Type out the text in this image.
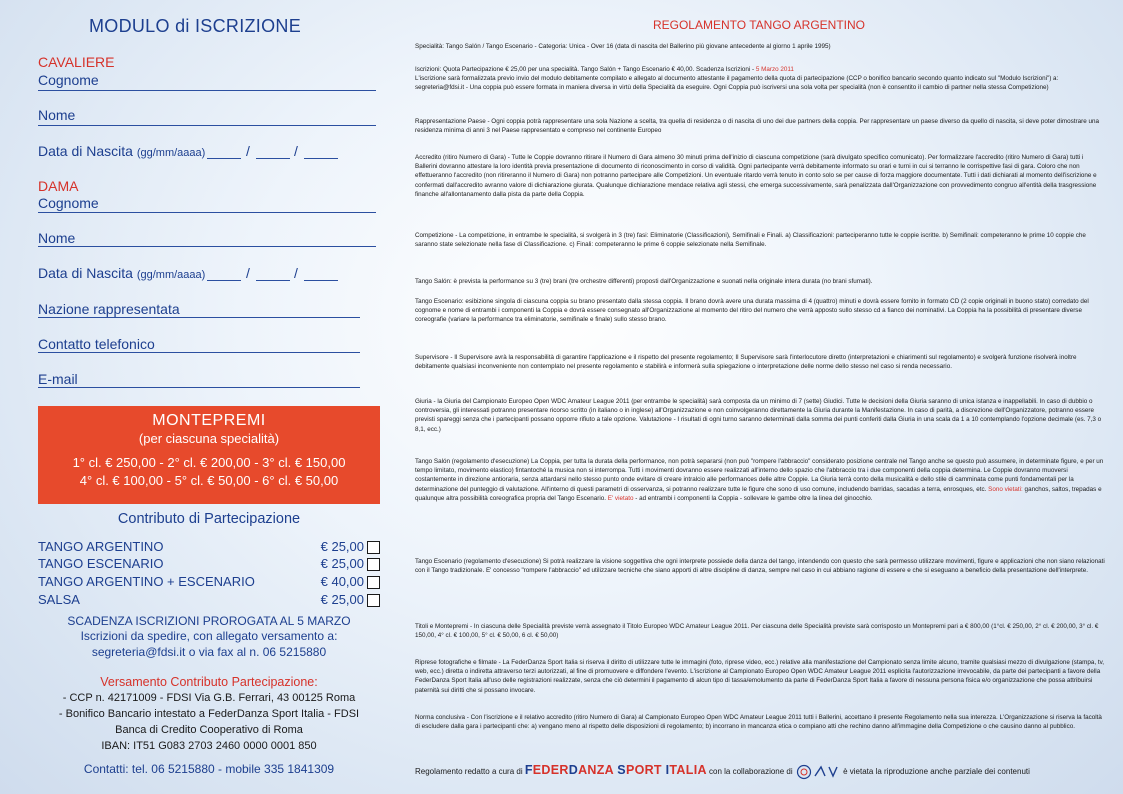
MODULO di ISCRIZIONE
CAVALIERE
Cognome
Nome
Data di Nascita (gg/mm/aaaa)	/	/
DAMA
Cognome
Nome
Data di Nascita (gg/mm/aaaa)	/	/
Nazione rappresentata
Contatto telefonico
E-mail
MONTEPREMI
(per ciascuna specialità)
1° cl. € 250,00 - 2° cl. € 200,00 - 3° cl. € 150,00
4° cl. € 100,00 - 5° cl. € 50,00 - 6° cl. € 50,00
Contributo di Partecipazione
TANGO ARGENTINO	€ 25,00
TANGO ESCENARIO	€ 25,00
TANGO ARGENTINO + ESCENARIO	€ 40,00
SALSA	€ 25,00
SCADENZA ISCRIZIONI PROROGATA AL 5 MARZO
Iscrizioni da spedire, con allegato versamento a:
segreteria@fdsi.it o via fax al n. 06 5215880
Versamento Contributo Partecipazione:
- CCP n. 42171009 - FDSI Via G.B. Ferrari, 43 00125 Roma
- Bonifico Bancario intestato a FederDanza Sport Italia - FDSI
Banca di Credito Cooperativo di Roma
IBAN: IT51 G083 2703 2460 0000 0001 850
Contatti: tel. 06 5215880 - mobile 335 1841309
REGOLAMENTO TANGO ARGENTINO

Specialità: Tango Salón / Tango Escenario - Categoria: Unica - Over 16 (data di nascita del Ballerino più giovane antecedente al giorno 1 aprile 1995)

Iscrizioni: Quota Partecipazione € 25,00 per una specialità. Tango Salón + Tango Escenario € 40,00. Scadenza Iscrizioni - 5 Marzo 2011
L'iscrizione sarà formalizzata previo invio del modulo debitamente compilato e allegato al documento attestante il pagamento della quota di partecipazione (CCP o bonifico bancario secondo quanto indicato sul "Modulo Iscrizioni") a: segreteria@fdsi.it - Una coppia può essere formata in maniera diversa in virtù della Specialità da eseguire. Ogni Coppia può iscriversi una sola volta per specialità (non è consentito il cambio di partner nella stessa Competizione)

Rappresentazione Paese - Ogni coppia potrà rappresentare una sola Nazione a scelta, tra quella di residenza o di nascita di uno dei due partners della coppia. Per rappresentare un paese diverso da quello di nascita, si deve poter dimostrare una residenza minima di anni 3 nel Paese rappresentato e compreso nel continente Europeo

Accredito (ritiro Numero di Gara) - Tutte le Coppie dovranno ritirare il Numero di Gara almeno 30 minuti prima dell'inizio di ciascuna competizione (sarà divulgato specifico comunicato). Per formalizzare l'accredito (ritiro Numero di Gara) tutti i Ballerini dovranno attestare la loro identità previa presentazione di documento di riconoscimento in corso di validità. Ogni partecipante verrà debitamente informato su orari e turni in cui si terranno le corrispettive fasi di gara. Coloro che non effettueranno l'accredito (non ritireranno il Numero di Gara) non potranno partecipare alle Competizioni. Un eventuale ritardo verrà tenuto in conto solo se per cause di forza maggiore documentate. Tutti i dati dichiarati al momento dell'iscrizione e confermati dall'accredito avranno valore di dichiarazione giurata. Qualunque dichiarazione mendace relativa agli stessi, che emerga successivamente, sarà penalizzata dall'Organizzazione con provvedimento congruo all'entità della trasgressione finanche all'allontanamento dalla pista da parte della Coppia.

Competizione - La competizione, in entrambe le specialità, si svolgerà in 3 (tre) fasi: Eliminatorie (Classificazioni), Semifinali e Finali. a) Classificazioni: parteciperanno tutte le coppie iscritte. b) Semifinali: competeranno le prime 10 coppie che saranno state selezionate nella fase di Classificazione. c) Finali: competeranno le prime 6 coppie selezionate nella Semifinale.

Tango Salón: è prevista la performance su 3 (tre) brani (tre orchestre differenti) proposti dall'Organizzazione e suonati nella originale intera durata (no brani sfumati).

Tango Escenario: esibizione singola di ciascuna coppia su brano presentato dalla stessa coppia. Il brano dovrà avere una durata massima di 4 (quattro) minuti e dovrà essere fornito in formato CD (2 copie originali in buono stato) corredato del cognome e nome di entrambi i componenti la Coppia e dovrà essere consegnato all'Organizzazione al momento del ritiro del numero che verrà apposto sullo stesso cd a fianco dei nominativi. La Coppia ha la possibilità di presentare diverse coreografie (variare la performance tra eliminatorie, semifinale e finale) sullo stesso brano.

Supervisore - Il Supervisore avrà la responsabilità di garantire l'applicazione e il rispetto del presente regolamento; Il Supervisore sarà l'interlocutore diretto (interpretazioni e chiarimenti sul regolamento) e svolgerà funzione risolverà inoltre debitamente qualsiasi inconveniente non contemplato nel presente regolamento e stabilirà e informerà sulla spiegazione o interpretazione delle norme dello stesso nel caso si renda necessario.

Giuria - la Giuria del Campionato Europeo Open WDC Amateur League 2011 (per entrambe le specialità) sarà composta da un minimo di 7 (sette) Giudici. Tutte le decisioni della Giuria saranno di unica istanza e inappellabili. In caso di dubbio o controversia, gli interessati potranno presentare ricorso scritto (in italiano o in inglese) all'Organizzazione e non coinvolgeranno direttamente la Giuria durante la Manifestazione. In caso di parità, a discrezione dell'Organizzatore, potranno essere previsti spareggi senza che i partecipanti possano opporre rifiuto a tale opzione. Valutazione - I risultati di ogni turno saranno determinati dalla somma dei punti conferiti dalla Giuria in una scala da 1 a 10 contemplando l'opzione decimale (es. 7,3 o 8,1, ecc.)

Tango Salón (regolamento d'esecuzione) La Coppia, per tutta la durata della performance, non potrà separarsi (non può "rompere l'abbraccio" considerato posizione centrale nel Tango anche se questo può assumere, in determinate figure, e per un tempo limitato, movimento elastico) fintantoché la musica non si interrompa. Tutti i movimenti dovranno essere realizzati all'interno dello spazio che l'abbraccio tra i due componenti della coppia determina. Le Coppie dovranno muoversi costantemente in direzione antioraria, senza attardarsi nello stesso punto onde evitare di creare intralcio alle performances delle altre Coppie. La Giuria terrà conto della musicalità e dello stile di camminata come punti fondamentali per la determinazione del punteggio di valutazione. All'interno di questi parametri di osservanza, si potranno realizzare tutte le figure che sono di uso comune, includendo barridas, sacadas a terra, enrosques, etc. Sono vietati: ganchos, saltos, trepadas e qualunque altra possibilità coreografica propria del Tango Escenario. E' vietato - ad entrambi i componenti la Coppia - sollevare le gambe oltre la linea del ginocchio.

Tango Escenario (regolamento d'esecuzione) Si potrà realizzare la visione soggettiva che ogni interprete possiede della danza del tango, intendendo con questo che sarà permesso utilizzare movimenti, figure e applicazioni che non siano relazionati con il Tango tradizionale. E' concesso "rompere l'abbraccio" ed utilizzare tecniche che siano apporti di altre discipline di danza, sempre nel caso in cui abbiano ragione di essere e che si eseguano a beneficio della presentazione dell'interprete.

Titoli e Montepremi - In ciascuna delle Specialità previste verrà assegnato il Titolo Europeo WDC Amateur League 2011. Per ciascuna delle Specialità previste sarà corrisposto un Montepremi pari a € 800,00 (1°cl. € 250,00, 2° cl. € 200,00, 3° cl. € 150,00, 4° cl. € 100,00, 5° cl. € 50,00, 6 cl. € 50,00)

Riprese fotografiche e filmate - La FederDanza Sport Italia si riserva il diritto di utilizzare tutte le immagini (foto, riprese video, ecc.) relative alla manifestazione del Campionato senza limite alcuno, tramite qualsiasi mezzo di divulgazione (stampa, tv, web, ecc.) diretta o indiretta attraverso terzi autorizzati, al fine di promuovere e diffondere l'evento. L'iscrizione al Campionato Europeo Open WDC Amateur League 2011 esplicita l'autorizzazione irrevocabile, da parte dei partecipanti a favore della FederDanza Sport Italia all'uso delle registrazioni realizzate, senza che ciò determini il pagamento di alcun tipo di tassa/emolumento da parte di FederDanza Sport Italia a favore di nessuna persona fisica e/o organizzazione che possa attribuirsi paternità sui diritti che si possano invocare.

Norma conclusiva - Con l'iscrizione e il relativo accredito (ritiro Numero di Gara) al Campionato Europeo Open WDC Amateur League 2011 tutti i Ballerini, accettano il presente Regolamento nella sua interezza. L'Organizzazione si riserva la facoltà di escludere dalla gara i partecipanti che: a) vengano meno al rispetto delle disposizioni di regolamento; b) incorrano in mancanza etica o compiano atti che rechino danno all'immagine della Competizione o che causino danno al pubblico.

Regolamento redatto a cura di FEDERDANZA SPORT ITALIA con la collaborazione di	è vietata la riproduzione anche parziale dei contenuti
